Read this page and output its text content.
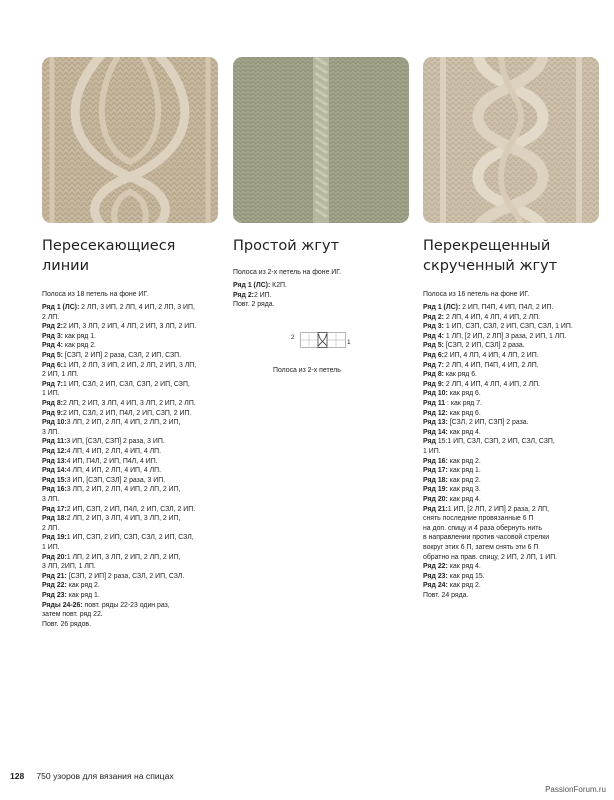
Пересекающиеся
линии
Полоса из 18 петель на фоне ИГ.
Ряд 1 (ЛС): 2 ЛП, 3 ИП, 2 ЛП, 4 ИП, 2 ЛП, 3 ИП,
2 ЛП.
Ряд 2:2 ИП, 3 ЛП, 2 ИП, 4 ЛП, 2 ИП, 3 ЛП, 2 ИП.
Ряд 3: как ряд 1.
Ряд 4: как ряд 2.
Ряд 5: [СЗП, 2 ИП] 2 раза, СЗЛ, 2 ИП, СЗП.
Ряд 6:1 ИП, 2 ЛП, 3 ИП, 2 ИП, 2 ЛП, 2 ИП, 3 ЛП,
2 ИП, 1 ЛП.
Ряд 7:1 ИП, СЗЛ, 2 ИП, СЗЛ, СЗП, 2 ИП, СЗП,
1 ИП.
Ряд 8:2 ЛП, 2 ИП, 3 ЛП, 4 ИП, 3 ЛП, 2 ИП, 2 ЛП.
Ряд 9:2 ИП, СЗЛ, 2 ИП, П4Л, 2 ИП, СЗП, 2 ИП.
Ряд 10:3 ЛП, 2 ИП, 2 ЛП, 4 ИП, 2 ЛП, 2 ИП,
3 ЛП.
Ряд 11:3 ИП, [СЗЛ, СЗП] 2 раза, 3 ИП.
Ряд 12:4 ЛП, 4 ИП, 2 ЛП, 4 ИП, 4 ЛП.
Ряд 13:4 ИП, П4Л, 2 ИП, П4Л, 4 ИП.
Ряд 14:4 ЛП, 4 ИП, 2 ЛП, 4 ИП, 4 ЛП.
Ряд 15:3 ИП, [СЗП, СЗЛ] 2 раза, 3 ИП.
Ряд 16:3 ЛП, 2 ИП, 2 ЛП, 4 ИП, 2 ЛП, 2 ИП,
3 ЛП.
Ряд 17:2 ИП, СЗП, 2 ИП, П4Л, 2 ИП, СЗЛ, 2 ИП.
Ряд 18:2 ЛП, 2 ИП, 3 ЛП, 4 ИП, 3 ЛП, 2 ИП,
2 ЛП.
Ряд 19:1 ИП, СЗП, 2 ИП, СЗП, СЗЛ, 2 ИП, СЗЛ,
1 ИП.
Ряд 20:1 ЛП, 2 ИП, 3 ЛП, 2 ИП, 2 ЛП, 2 ИП,
3 ЛП, 2ИП, 1 ЛП.
Ряд 21: [СЗП, 2 ИП] 2 раза, СЗЛ, 2 ИП, СЗЛ.
Ряд 22: как ряд 2.
Ряд 23: как ряд 1.
Ряды 24-26: повт. ряды 22-23 один раз,
затем повт. ряд 22.
Повт. 26 рядов.
Простой жгут
Полоса из 2-х петель на фоне ИГ.
Ряд 1 (ЛС): К2П.
Ряд 2:2 ИП.
Повт. 2 ряда.
2
1
Полоса из 2-х петель
Перекрещенный
скрученный жгут
Полоса из 16 петель на фоне ИГ.
Ряд 1 (ЛС): 2 ИП, П4П, 4 ИП, П4Л, 2 ИП.
Ряд 2: 2 ЛП, 4 ИП, 4 ЛП, 4 ИП, 2 ЛП.
Ряд 3: 1 ИП, СЗП, СЗЛ, 2 ИП, СЗП, СЗЛ, 1 ИП.
Ряд 4: 1 ЛП, [2 ИП, 2 ЛП] 3 раза, 2 ИП, 1 ЛП.
Ряд 5: [СЗП, 2 ИП, СЗЛ] 2 раза.
Ряд 6:2 ИП, 4 ЛП, 4 ИП, 4 ЛП, 2 ИП.
Ряд 7: 2 ЛП, 4 ИП, П4П, 4 ИП, 2 ЛП.
Ряд 8: как ряд 6.
Ряд 9: 2 ЛП, 4 ИП, 4 ЛП, 4 ИП, 2 ЛП.
Ряд 10: как ряд 6.
Ряд 11 : как ряд 7.
Ряд 12: как ряд 6.
Ряд 13: [СЗЛ, 2 ИП, СЗП] 2 раза.
Ряд 14: как ряд 4.
Ряд 15:1 ИП, СЗЛ, СЗП, 2 ИП, СЗЛ, СЗП,
1 ИП.
Ряд 16: как ряд 2.
Ряд 17: как ряд 1.
Ряд 18: как ряд 2.
Ряд 19: как ряд 3.
Ряд 20: как ряд 4.
Ряд 21:1 ИП, [2 ЛП, 2 ИП] 2 раза, 2 ЛП,
снять последние провязанные 6 П
на доп. спицу и 4 раза обернуть нить
в направлении против часовой стрелки
вокруг этих 6 П, затем снять эти 6 П
обратно на прав. спицу, 2 ИП, 2 ЛП, 1 ИП.
Ряд 22: как ряд 4.
Ряд 23: как ряд 15.
Ряд 24: как ряд 2.
Повт. 24 ряда.
128 750 узоров для вязания на спицах
PassionForum.ru
